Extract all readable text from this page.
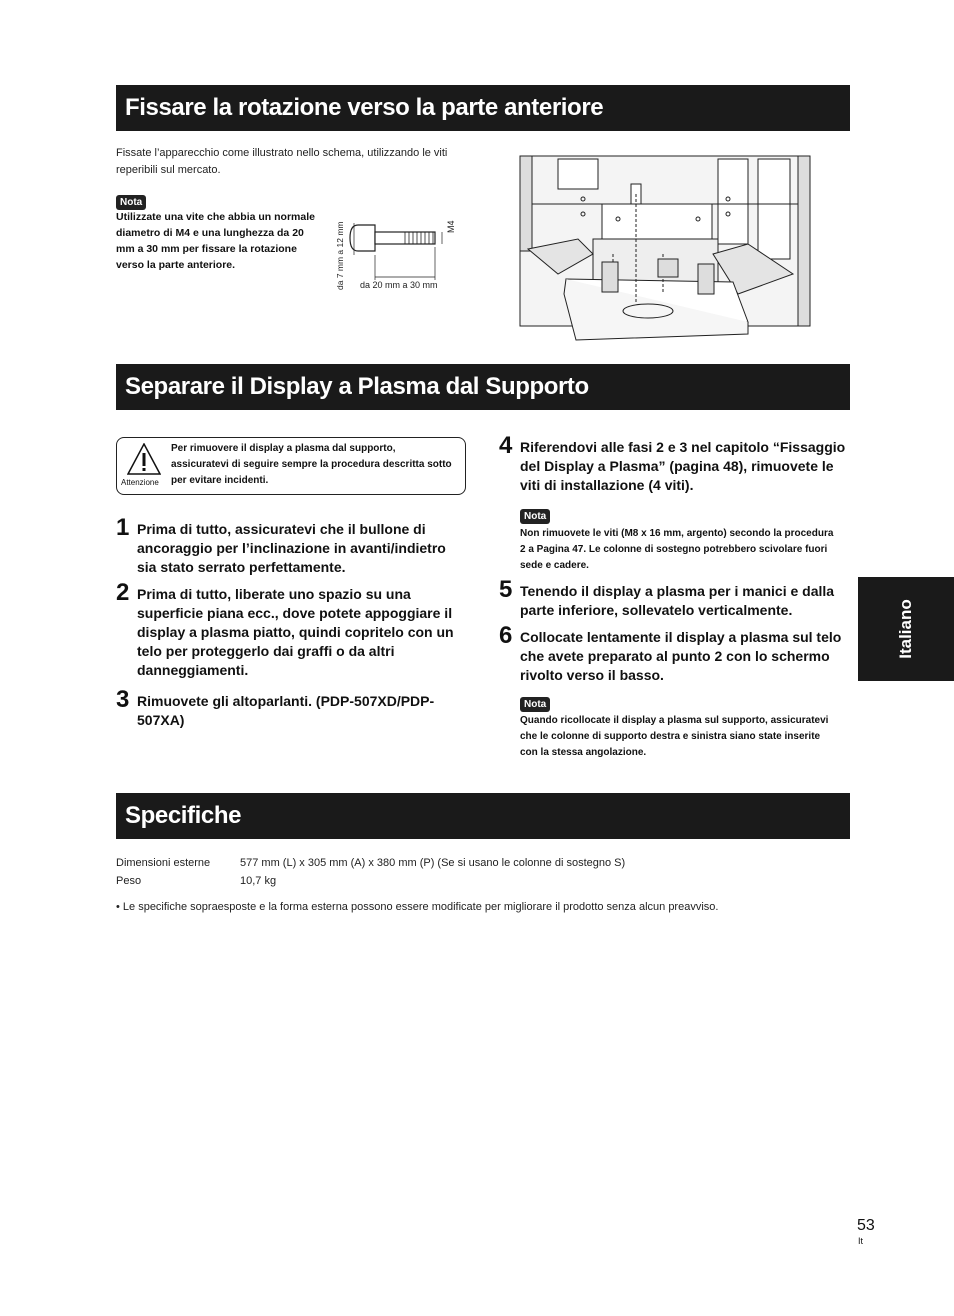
Fissare la rotazione verso la parte anteriore
Fissate l’apparecchio come illustrato nello schema, utilizzando le viti reperibili sul mercato.
Nota
Utilizzate una vite che abbia un normale diametro di M4 e una lunghezza da 20 mm a 30 mm per fissare la rotazione verso la parte anteriore.	da 7 mm a 12 mm	M4
da 20 mm a 30 mm
Separare il Display a Plasma dal Supporto
Attenzione
Per rimuovere il display a plasma dal supporto, assicuratevi di seguire sempre la procedura descritta sotto per evitare incidenti.
1 Prima di tutto, assicuratevi che il bullone di ancoraggio per l’inclinazione in avanti/indietro sia stato serrato perfettamente.
2 Prima di tutto, liberate uno spazio su una superficie piana ecc., dove potete appoggiare il display a plasma piatto, quindi copritelo con un telo per proteggerlo dai graffi o da altri danneggiamenti.
3 Rimuovete gli altoparlanti. (PDP-507XD/PDP-507XA)
4 Riferendovi alle fasi 2 e 3 nel capitolo “Fissaggio del Display a Plasma” (pagina 48), rimuovete le viti di installazione (4 viti).
Nota
Non rimuovete le viti (M8 x 16 mm, argento) secondo la procedura 2 a Pagina 47. Le colonne di sostegno potrebbero scivolare fuori sede e cadere.
5 Tenendo il display a plasma per i manici e dalla parte inferiore, sollevatelo verticalmente.
6 Collocate lentamente il display a plasma sul telo che avete preparato al punto 2 con lo schermo rivolto verso il basso.
Nota
Quando ricollocate il display a plasma sul supporto, assicuratevi che le colonne di supporto destra e sinistra siano state inserite con la stessa angolazione.
Specifiche
Dimensioni esterne	577 mm (L) x 305 mm (A) x 380 mm (P) (Se si usano le colonne di sostegno S)
Peso	10,7 kg
• Le specifiche sopraesposte e la forma esterna possono essere modificate per migliorare il prodotto senza alcun preavviso.
Italiano
53
It
